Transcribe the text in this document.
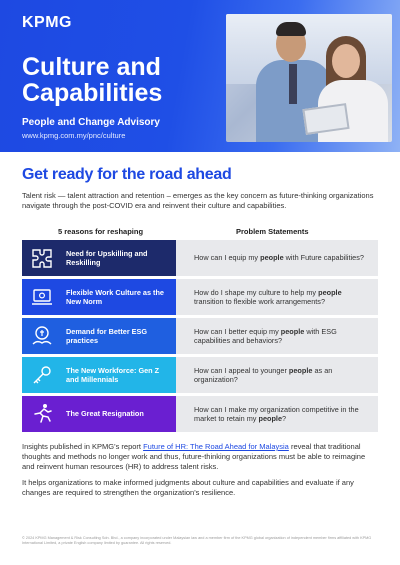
KPMG
Culture and Capabilities
People and Change Advisory
www.kpmg.com.my/pnc/culture
Get ready for the road ahead
Talent risk — talent attraction and retention – emerges as the key concern as future-thinking organizations navigate through the post-COVID era and reinvent their culture and capabilities.
5 reasons for reshaping	Problem Statements
Need for Upskilling and Reskilling
How can I equip my people with Future capabilities?
Flexible Work Culture as the New Norm
How do I shape my culture to help my people transition to flexible work arrangements?
Demand for Better ESG practices
How can I better equip my people with ESG capabilities and behaviors?
The New Workforce: Gen Z and Millennials
How can I appeal to younger people as an organization?
The Great Resignation
How can I make my organization competitive in the market to retain my people?
Insights published in KPMG's report Future of HR: The Road Ahead for Malaysia reveal that traditional thoughts and methods no longer work and thus, future-thinking organizations must be able to reimagine and reinvent human resources (HR) to address talent risks.
It helps organizations to make informed judgments about culture and capabilities and evaluate if any changes are required to strengthen the organization's resilience.
© 2024 KPMG Management & Risk Consulting Sdn. Bhd., a company incorporated under Malaysian law and a member firm of the KPMG global organization of independent member firms affiliated with KPMG International Limited, a private English company limited by guarantee. All rights reserved.
